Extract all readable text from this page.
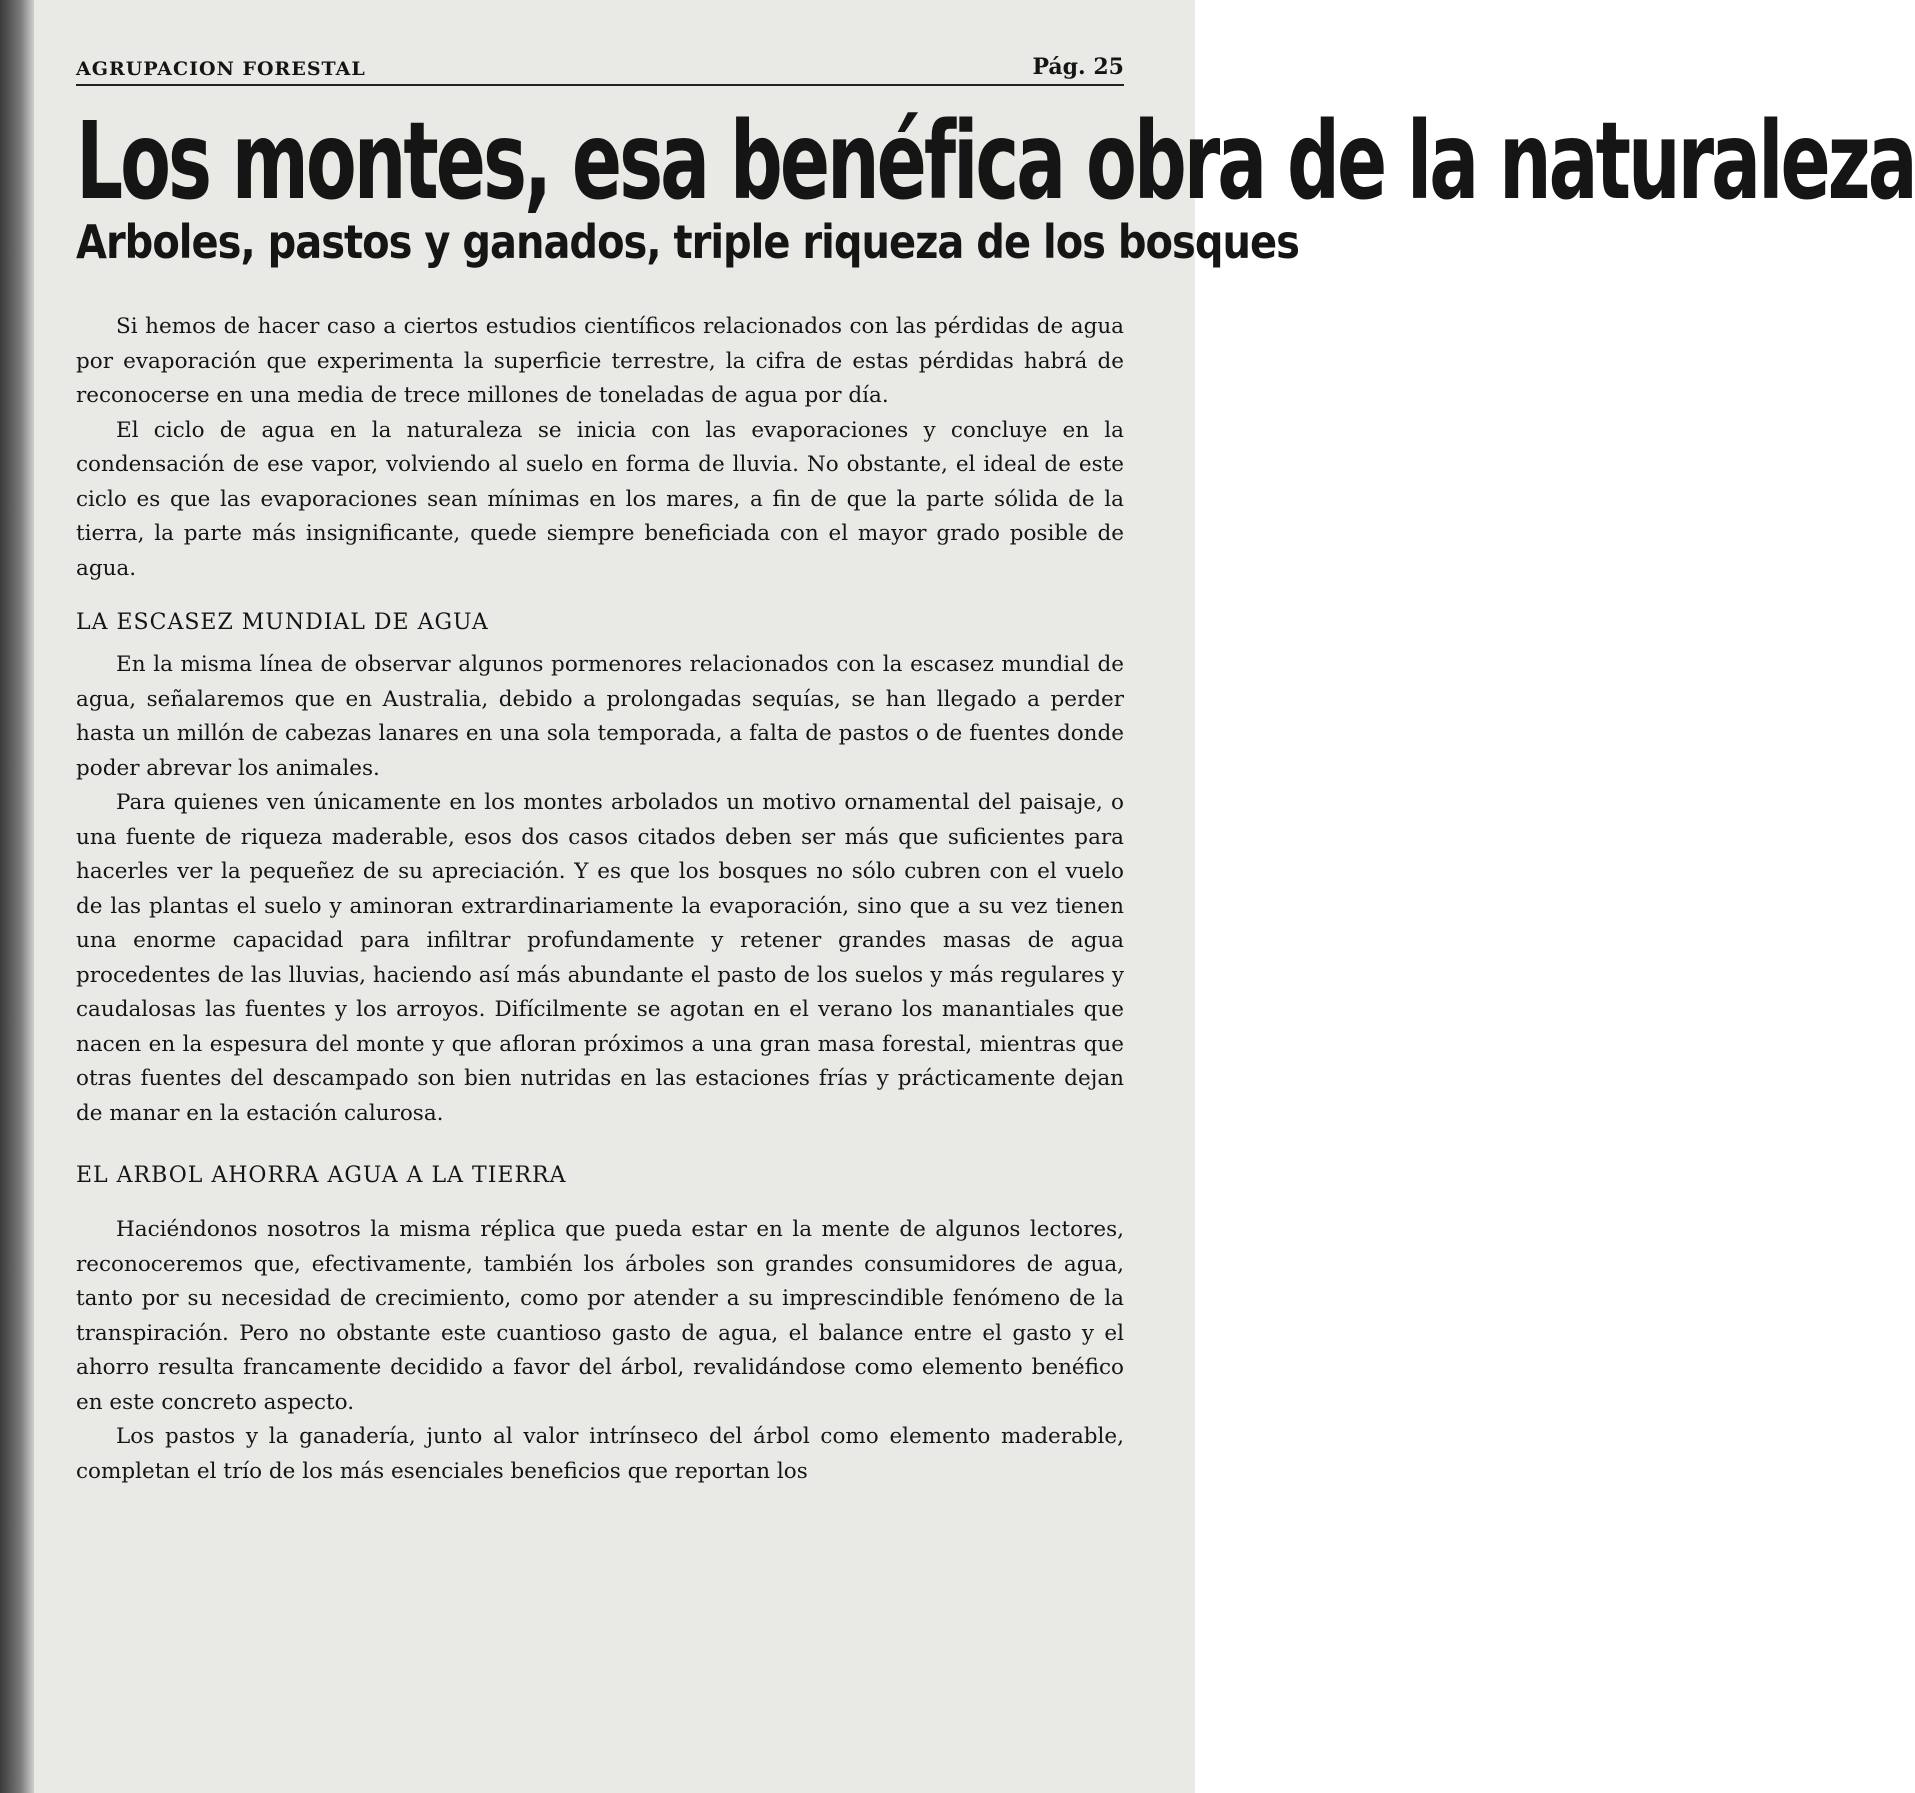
AGRUPACION FORESTAL	Pág. 25
Los montes, esa benéfica obra de la naturaleza
Arboles, pastos y ganados, triple riqueza de los bosques

Si hemos de hacer caso a ciertos estudios científicos relacionados con las pérdidas de agua por evaporación que experimenta la superficie terrestre, la cifra de estas pérdidas habrá de reconocerse en una media de trece millones de toneladas de agua por día.

El ciclo de agua en la naturaleza se inicia con las evaporaciones y concluye en la condensación de ese vapor, volviendo al suelo en forma de lluvia. No obstante, el ideal de este ciclo es que las evaporaciones sean mínimas en los mares, a fin de que la parte sólida de la tierra, la parte más insignificante, quede siempre beneficiada con el mayor grado posible de agua.

LA ESCASEZ MUNDIAL DE AGUA

En la misma línea de observar algunos pormenores relacionados con la escasez mundial de agua, señalaremos que en Australia, debido a prolongadas sequías, se han llegado a perder hasta un millón de cabezas lanares en una sola temporada, a falta de pastos o de fuentes donde poder abrevar los animales.

Para quienes ven únicamente en los montes arbolados un motivo ornamental del paisaje, o una fuente de riqueza maderable, esos dos casos citados deben ser más que suficientes para hacerles ver la pequeñez de su apreciación. Y es que los bosques no sólo cubren con el vuelo de las plantas el suelo y aminoran extrardinariamente la evaporación, sino que a su vez tienen una enorme capacidad para infiltrar profundamente y retener grandes masas de agua procedentes de las lluvias, haciendo así más abundante el pasto de los suelos y más regulares y caudalosas las fuentes y los arroyos. Difícilmente se agotan en el verano los manantiales que nacen en la espesura del monte y que afloran próximos a una gran masa forestal, mientras que otras fuentes del descampado son bien nutridas en las estaciones frías y prácticamente dejan de manar en la estación calurosa.

EL ARBOL AHORRA AGUA A LA TIERRA

Haciéndonos nosotros la misma réplica que pueda estar en la mente de algunos lectores, reconoceremos que, efectivamente, también los árboles son grandes consumidores de agua, tanto por su necesidad de crecimiento, como por atender a su imprescindible fenómeno de la transpiración. Pero no obstante este cuantioso gasto de agua, el balance entre el gasto y el ahorro resulta francamente decidido a favor del árbol, revalidándose como elemento benéfico en este concreto aspecto.

Los pastos y la ganadería, junto al valor intrínseco del árbol como elemento maderable, completan el trío de los más esenciales beneficios que reportan los
